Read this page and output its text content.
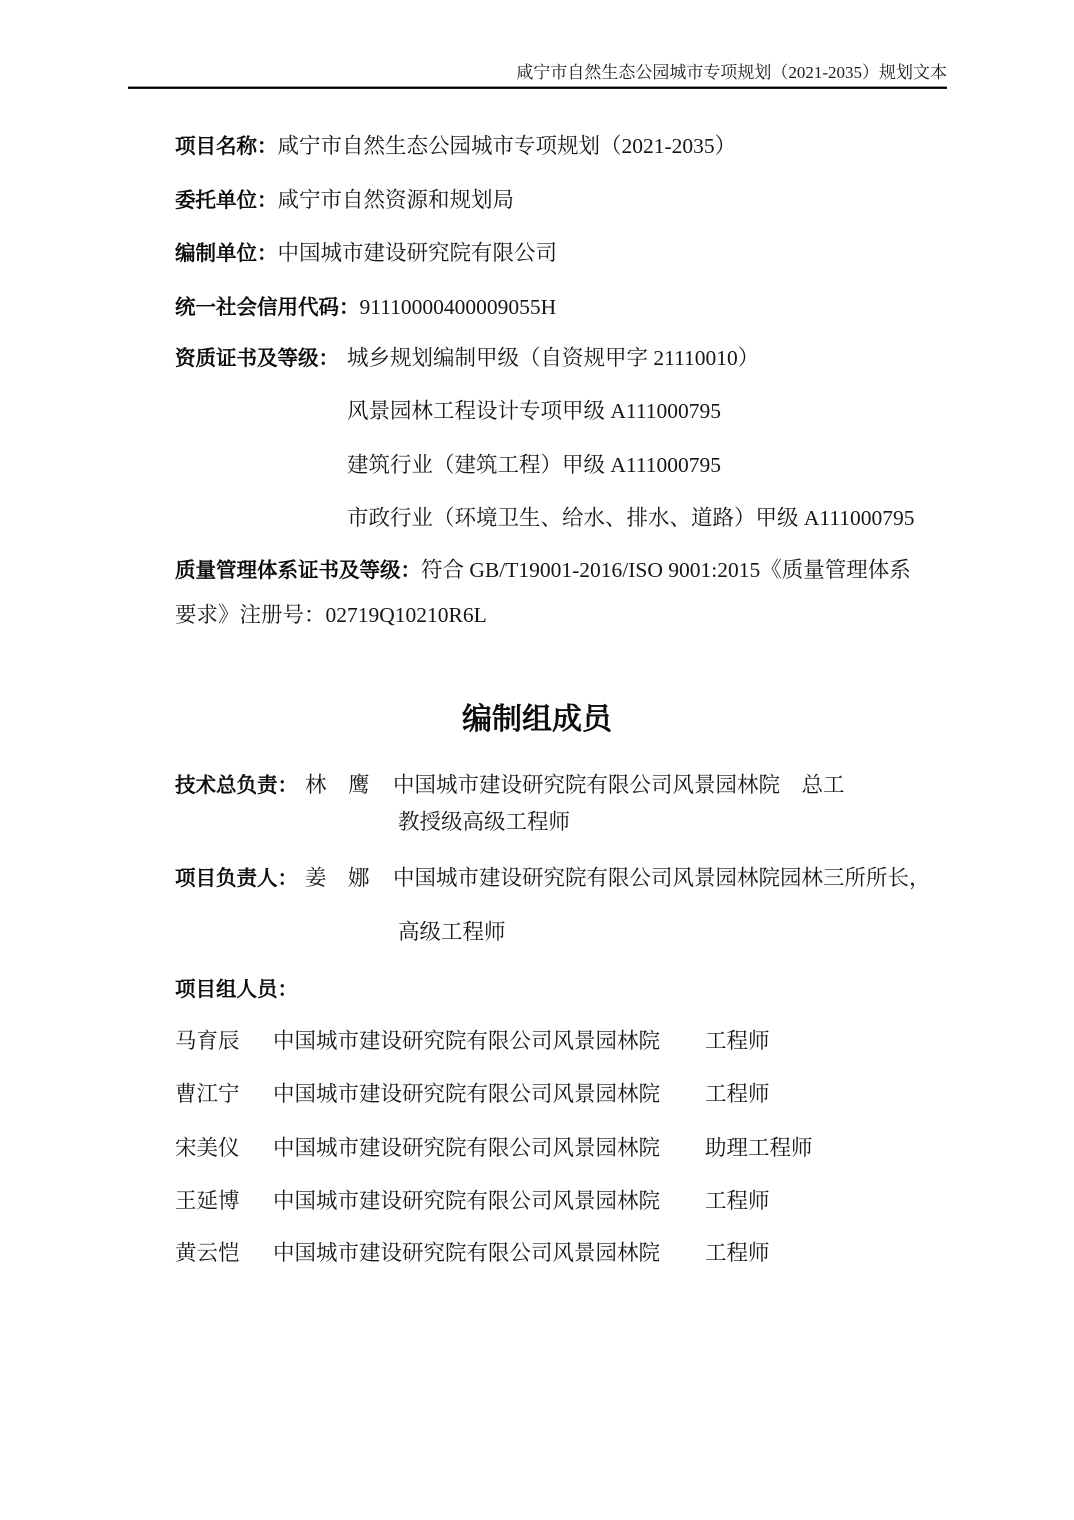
咸宁市自然生态公园城市专项规划（2021-2035）规划文本
项目名称：咸宁市自然生态公园城市专项规划（2021-2035）
委托单位：咸宁市自然资源和规划局
编制单位：中国城市建设研究院有限公司
统一社会信用代码：91110000400009055H
资质证书及等级： 城乡规划编制甲级（自资规甲字 21110010）
风景园林工程设计专项甲级 A111000795
建筑行业（建筑工程）甲级 A111000795
市政行业（环境卫生、给水、排水、道路）甲级 A111000795
质量管理体系证书及等级：符合 GB/T19001-2016/ISO 9001:2015《质量管理体系
要求》注册号：02719Q10210R6L
编制组成员
技术总负责： 林　鹰 中国城市建设研究院有限公司风景园林院　总工
教授级高级工程师
项目负责人： 姜　娜 中国城市建设研究院有限公司风景园林院园林三所所长，
高级工程师
项目组人员：
马育辰 中国城市建设研究院有限公司风景园林院 工程师
曹江宁 中国城市建设研究院有限公司风景园林院 工程师
宋美仪 中国城市建设研究院有限公司风景园林院 助理工程师
王延博 中国城市建设研究院有限公司风景园林院 工程师
黄云恺 中国城市建设研究院有限公司风景园林院 工程师
